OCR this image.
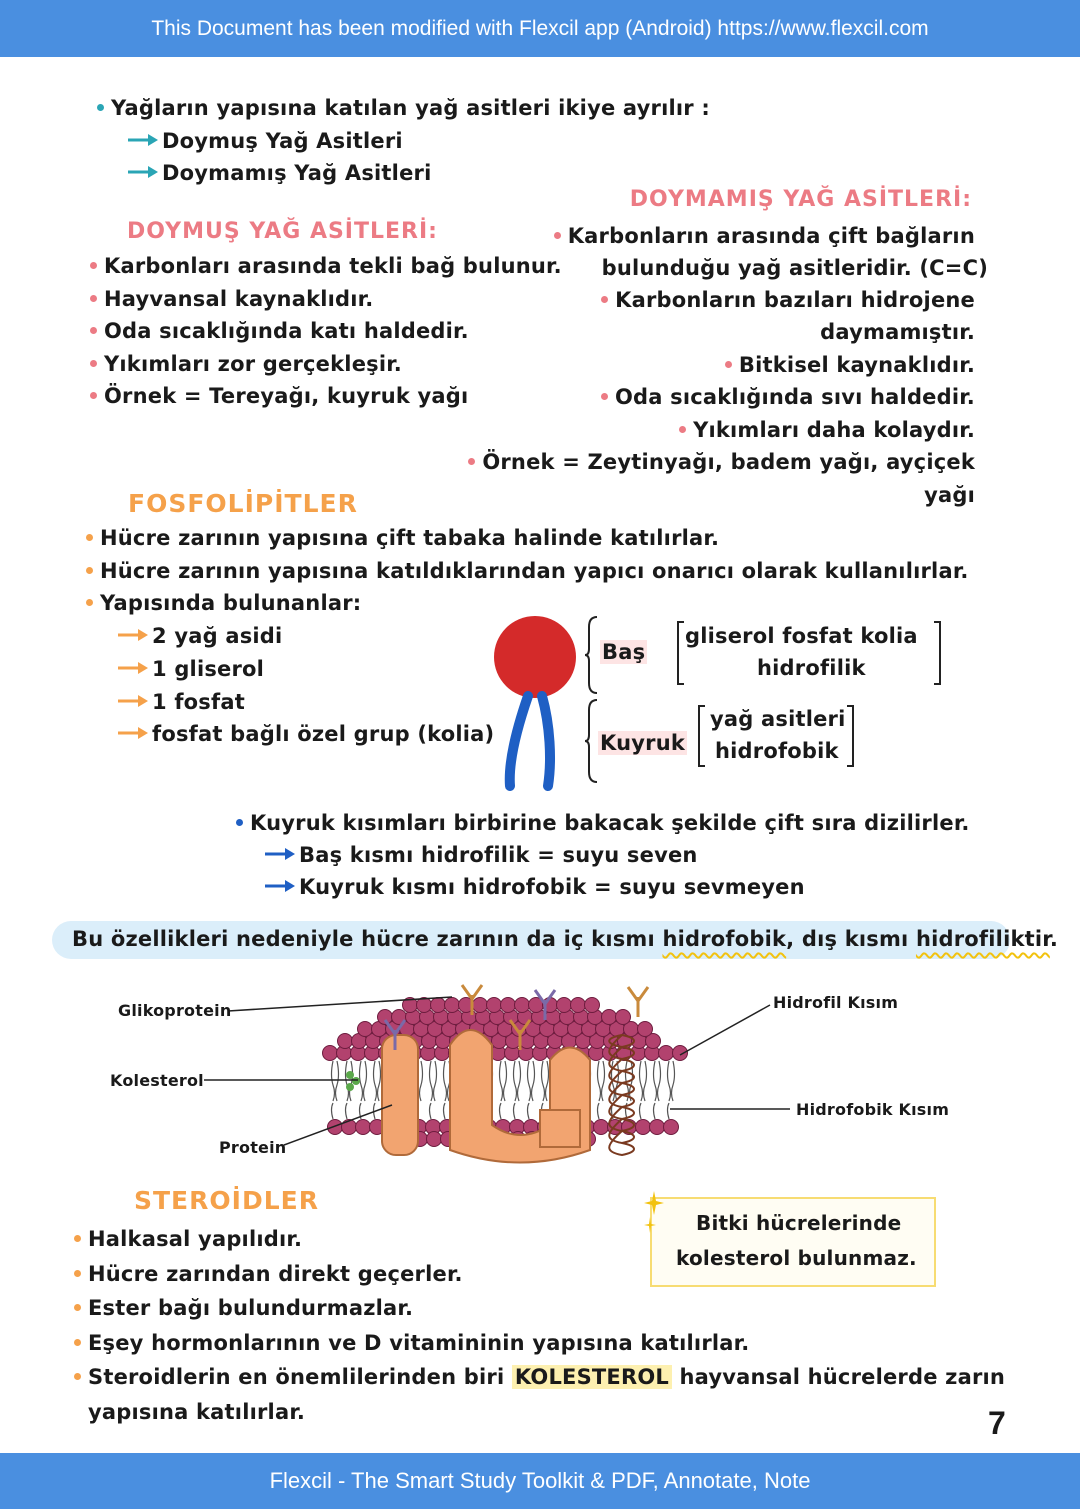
This Document has been modified with Flexcil app (Android) https://www.flexcil.com
Yağların yapısına katılan yağ asitleri ikiye ayrılır :
Doymuş Yağ Asitleri
Doymamış Yağ Asitleri
DOYMUŞ YAĞ ASİTLERİ:
Karbonları arasında tekli bağ bulunur.
Hayvansal kaynaklıdır.
Oda sıcaklığında katı haldedir.
Yıkımları zor gerçekleşir.
Örnek = Tereyağı, kuyruk yağı
DOYMAMIŞ YAĞ ASİTLERİ:
Karbonların arasında çift bağların
bulunduğu yağ asitleridir. (C=C)
Karbonların bazıları hidrojene
daymamıştır.
Bitkisel kaynaklıdır.
Oda sıcaklığında sıvı haldedir.
Yıkımları daha kolaydır.
Örnek = Zeytinyağı, badem yağı, ayçiçek
yağı
FOSFOLİPİTLER
Hücre zarının yapısına çift tabaka halinde katılırlar.
Hücre zarının yapısına katıldıklarından yapıcı onarıcı olarak kullanılırlar.
Yapısında bulunanlar:
2 yağ asidi
1 gliserol
1 fosfat
fosfat bağlı özel grup (kolia)
Baş
Kuyruk
gliserol fosfat kolia
hidrofilik
yağ asitleri
hidrofobik
Kuyruk kısımları birbirine bakacak şekilde çift sıra dizilirler.
Baş kısmı hidrofilik = suyu seven
Kuyruk kısmı hidrofobik = suyu sevmeyen
Bu özellikleri nedeniyle hücre zarının da iç kısmı hidrofobik, dış kısmı hidrofiliktir.
Glikoprotein
Kolesterol
Protein
Hidrofil Kısım
Hidrofobik Kısım
STEROİDLER
Halkasal yapılıdır.
Hücre zarından direkt geçerler.
Ester bağı bulundurmazlar.
Eşey hormonlarının ve D vitamininin yapısına katılırlar.
Steroidlerin en önemlilerinden biri KOLESTEROL hayvansal hücrelerde zarın
yapısına katılırlar.
Bitki hücrelerinde
kolesterol bulunmaz.
7
Flexcil - The Smart Study Toolkit & PDF, Annotate, Note
